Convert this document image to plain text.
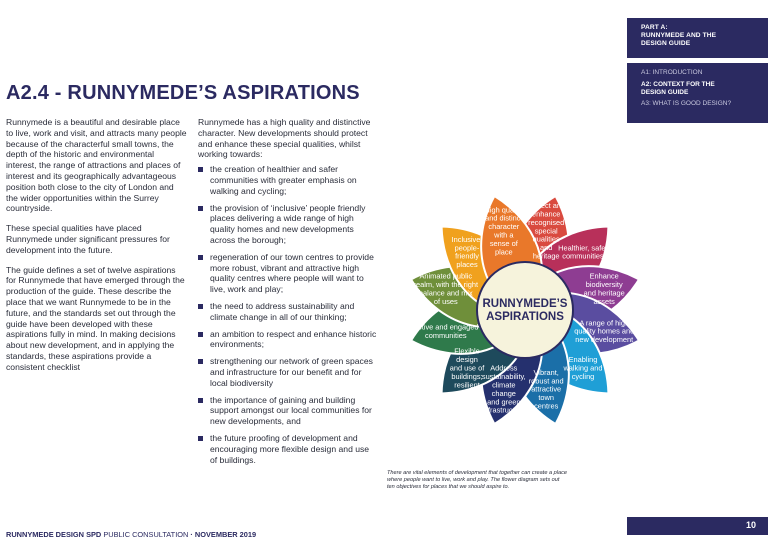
PART A:
RUNNYMEDE AND THE
DESIGN GUIDE
A1: INTRODUCTION
A2: CONTEXT FOR THE
DESIGN GUIDE
A3: WHAT IS GOOD DESIGN?
A2.4 - RUNNYMEDE’S ASPIRATIONS

Runnymede is a beautiful and desirable place to live, work and visit, and attracts many people because of the characterful small towns, the depth of the historic and environmental interest, the range of attractions and places of interest and its geographically advantageous position both close to the city of London and the wider opportunities within the Surrey countryside.

These special qualities have placed Runnymede under significant pressures for development into the future.

The guide defines a set of twelve aspirations for Runnymede that have emerged through the production of the guide. These describe the place that we want Runnymede to be in the future, and the standards set out through the guide have been developed with these aspirations fully in mind. In making decisions about new development, and in applying the standards, these aspirations provide a consistent checklist

Runnymede has a high quality and distinctive character. New developments should protect and enhance these special qualities, whilst working towards:

the creation of healthier and safer communities with greater emphasis on walking and cycling;
the provision of ‘inclusive’ people friendly places delivering a wide range of high quality homes and new developments across the borough;
regeneration of our town centres to provide more robust, vibrant and attractive high quality centres where people will want to live, work and play;
the need to address sustainability and climate change in all of our thinking;
an ambition to respect and enhance historic environments;
strengthening our network of green spaces and infrastructure for our benefit and for local biodiversity
the importance of gaining and building support amongst our local communities for new developments, and
the future proofing of development and encouraging more flexible design and use of buildings.
Protect and enhance recognised special qualities and heritage
Healthier, safer communities
Enhance biodiversity and heritage assets
A range of high quality homes and new development
Enabling walking and cycling
Vibrant, robust and attractive town centres
Address sustainability, climate change and green infrastructure
Flexible design and use of buildings; resilient
Active and engaged communities
Animated public realm, with the right balance and mix of uses
Inclusive, people-friendly places
High quality and distinct character with a sense of place
RUNNYMEDE’S
ASPIRATIONS
There are vital elements of development that together can create a place
where people want to live, work and play. The flower diagram sets out
ten objectives for places that we should aspire to.
RUNNYMEDE DESIGN SPD PUBLIC CONSULTATION · NOVEMBER 2019
10
